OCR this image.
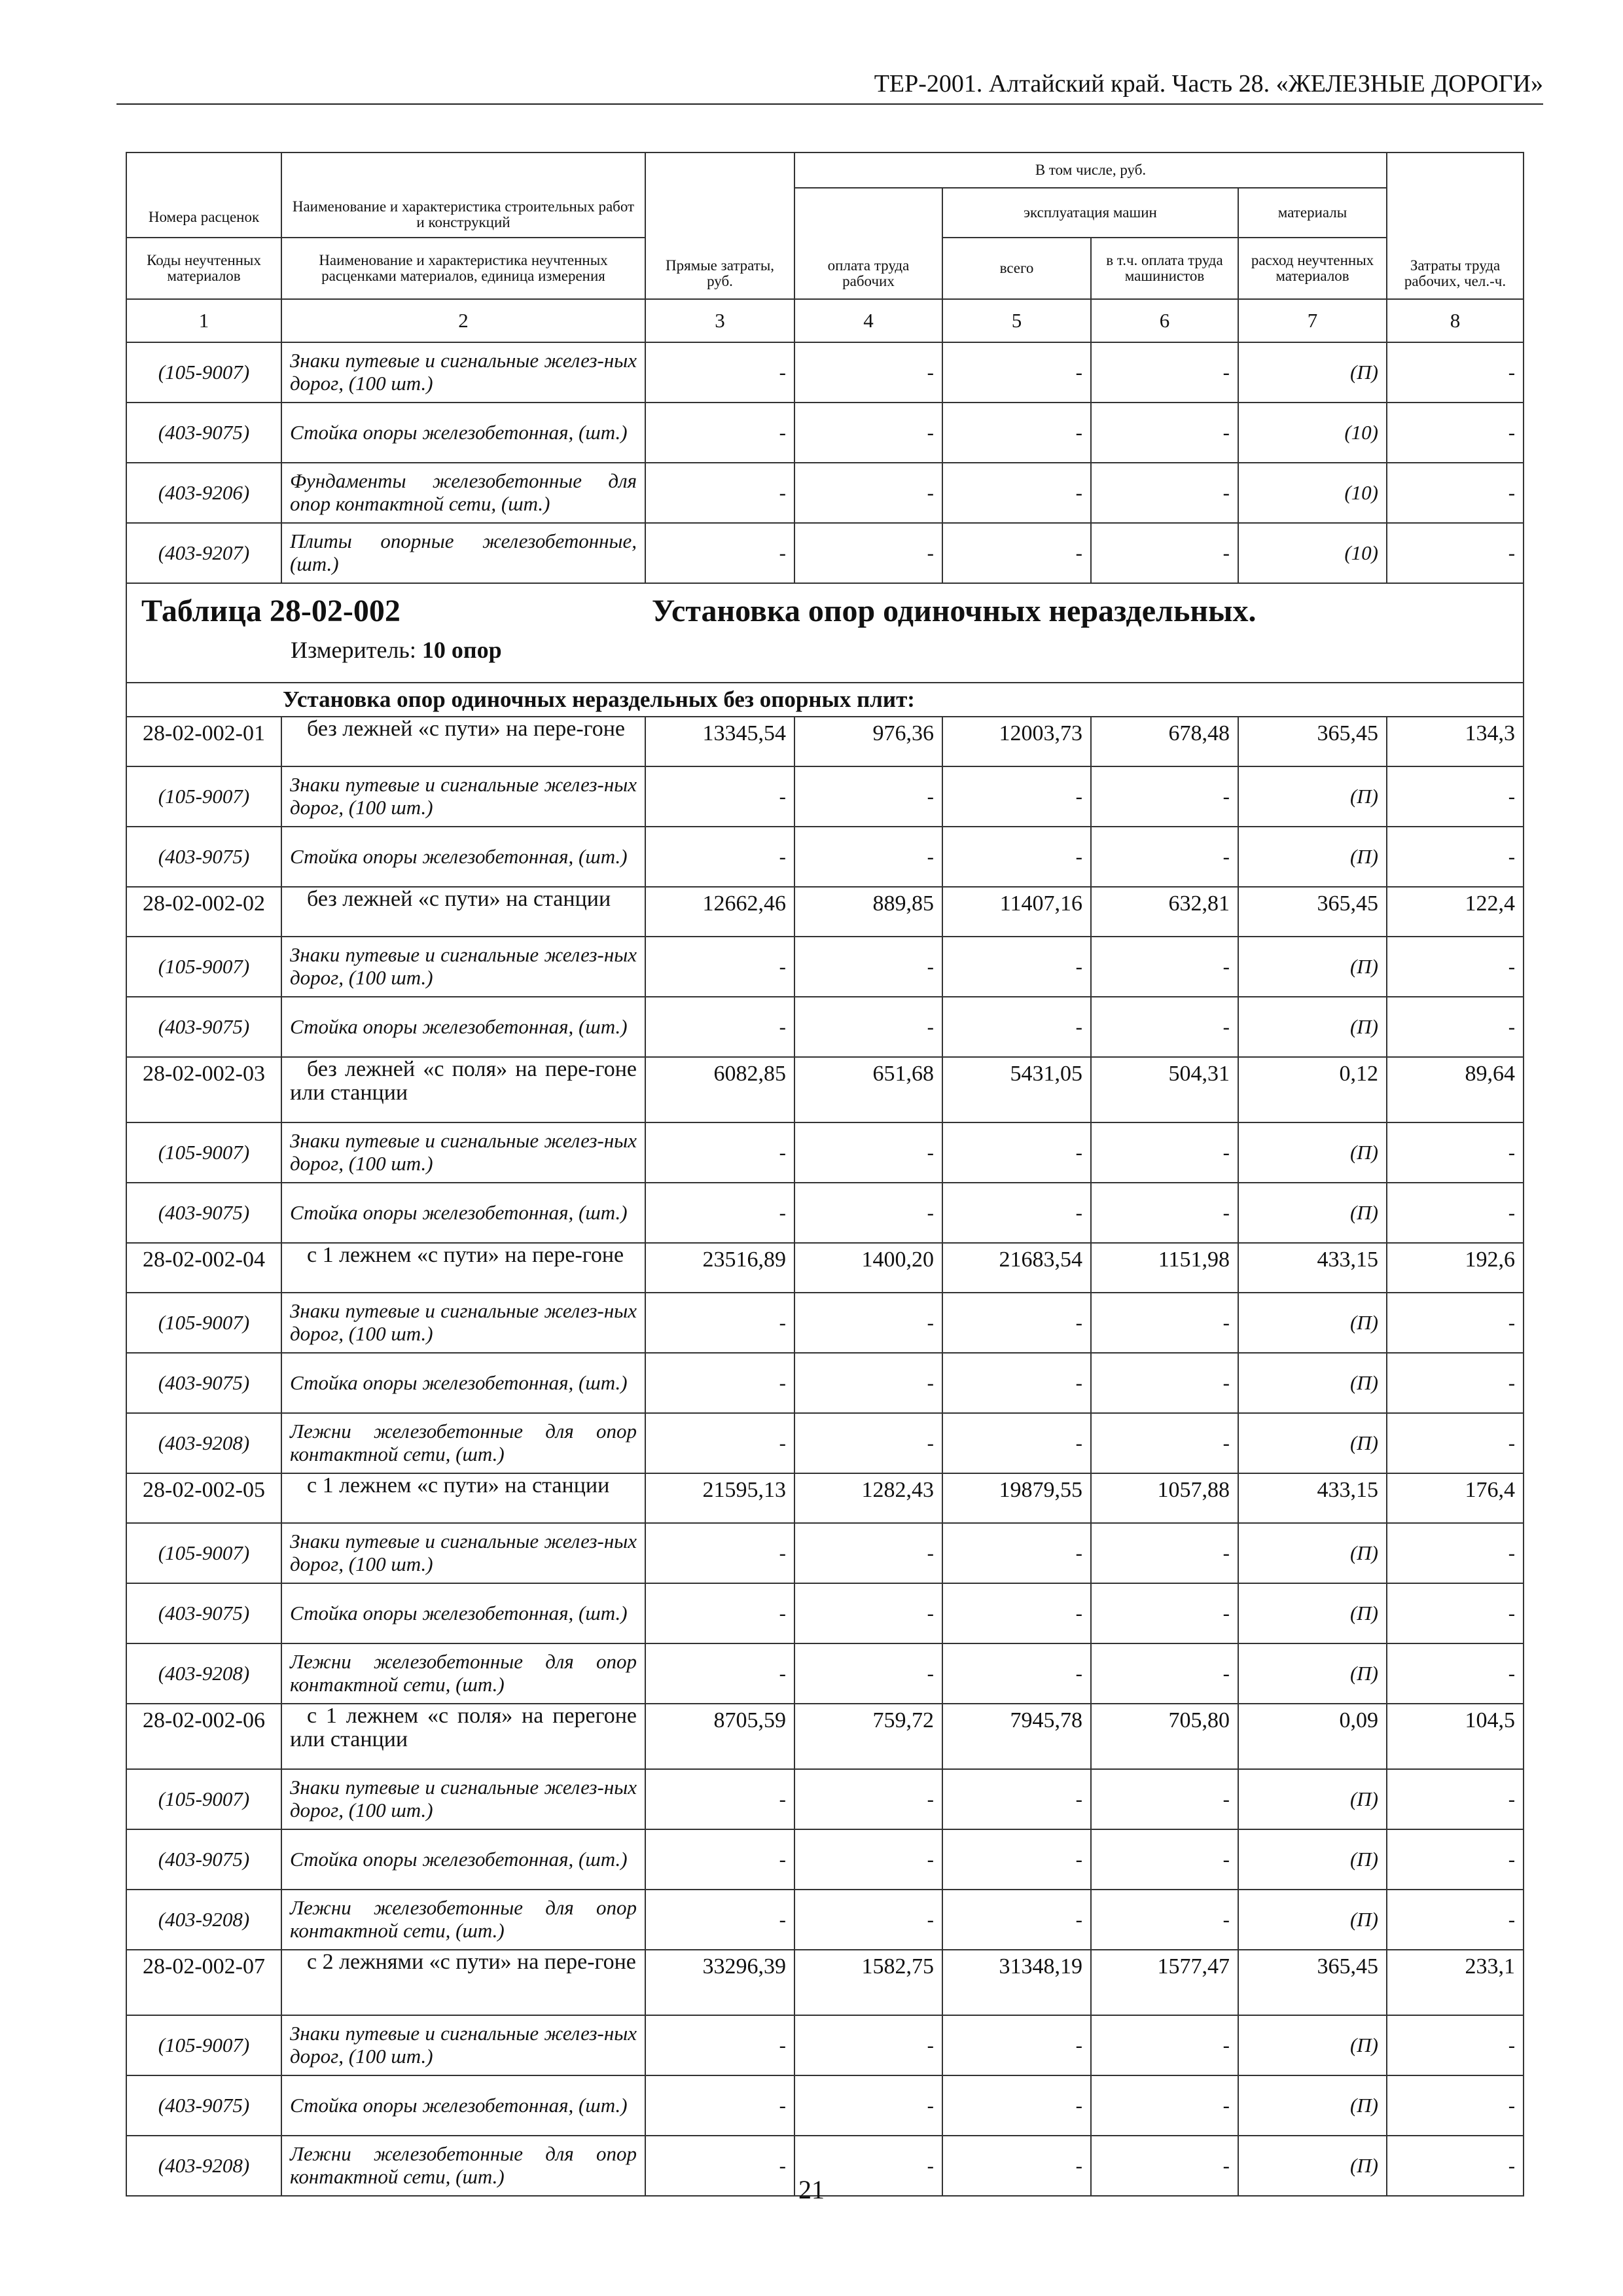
ТЕР-2001. Алтайский край. Часть 28. «ЖЕЛЕЗНЫЕ ДОРОГИ»
Номера расценок	Наименование и характеристика строительных работ и конструкций	Прямые затраты, руб.	В том числе, руб.				Затраты труда рабочих, чел.-ч.
			оплата труда рабочих	эксплуатация машин		материалы	
Коды неучтенных материалов	Наименование и характеристика неучтенных расценками материалов, единица измерения			всего	в т.ч. оплата труда машинистов	расход неучтенных материалов	
1	2	3	4	5	6	7	8
(105-9007)	Знаки путевые и сигнальные желез-ных дорог, (100 шт.)	-	-	-	-	(П)	-
(403-9075)	Стойка опоры железобетонная, (шт.)	-	-	-	-	(10)	-
(403-9206)	Фундаменты железобетонные для опор контактной сети, (шт.)	-	-	-	-	(10)	-
(403-9207)	Плиты опорные железобетонные, (шт.)	-	-	-	-	(10)	-

Таблица 28-02-002 Установка опор одиночных нераздельных.
Измеритель: 10 опор							

Установка опор одиночных нераздельных без опорных плит:							
28-02-002-01	без лежней «с пути» на пере-гоне	13345,54	976,36	12003,73	678,48	365,45	134,3
(105-9007)	Знаки путевые и сигнальные желез-ных дорог, (100 шт.)	-	-	-	-	(П)	-
(403-9075)	Стойка опоры железобетонная, (шт.)	-	-	-	-	(П)	-
28-02-002-02	без лежней «с пути» на станции	12662,46	889,85	11407,16	632,81	365,45	122,4
(105-9007)	Знаки путевые и сигнальные желез-ных дорог, (100 шт.)	-	-	-	-	(П)	-
(403-9075)	Стойка опоры железобетонная, (шт.)	-	-	-	-	(П)	-
28-02-002-03	без лежней «с поля» на пере-гоне или станции	6082,85	651,68	5431,05	504,31	0,12	89,64
(105-9007)	Знаки путевые и сигнальные желез-ных дорог, (100 шт.)	-	-	-	-	(П)	-
(403-9075)	Стойка опоры железобетонная, (шт.)	-	-	-	-	(П)	-
28-02-002-04	с 1 лежнем «с пути» на пере-гоне	23516,89	1400,20	21683,54	1151,98	433,15	192,6
(105-9007)	Знаки путевые и сигнальные желез-ных дорог, (100 шт.)	-	-	-	-	(П)	-
(403-9075)	Стойка опоры железобетонная, (шт.)	-	-	-	-	(П)	-
(403-9208)	Лежни железобетонные для опор контактной сети, (шт.)	-	-	-	-	(П)	-
28-02-002-05	с 1 лежнем «с пути» на станции	21595,13	1282,43	19879,55	1057,88	433,15	176,4
(105-9007)	Знаки путевые и сигнальные желез-ных дорог, (100 шт.)	-	-	-	-	(П)	-
(403-9075)	Стойка опоры железобетонная, (шт.)	-	-	-	-	(П)	-
(403-9208)	Лежни железобетонные для опор контактной сети, (шт.)	-	-	-	-	(П)	-
28-02-002-06	с 1 лежнем «с поля» на перегоне или станции	8705,59	759,72	7945,78	705,80	0,09	104,5
(105-9007)	Знаки путевые и сигнальные желез-ных дорог, (100 шт.)	-	-	-	-	(П)	-
(403-9075)	Стойка опоры железобетонная, (шт.)	-	-	-	-	(П)	-
(403-9208)	Лежни железобетонные для опор контактной сети, (шт.)	-	-	-	-	(П)	-
28-02-002-07	с 2 лежнями «с пути» на пере-гоне	33296,39	1582,75	31348,19	1577,47	365,45	233,1
(105-9007)	Знаки путевые и сигнальные желез-ных дорог, (100 шт.)	-	-	-	-	(П)	-
(403-9075)	Стойка опоры железобетонная, (шт.)	-	-	-	-	(П)	-
(403-9208)	Лежни железобетонные для опор контактной сети, (шт.)	-	-	-	-	(П)	-
21
